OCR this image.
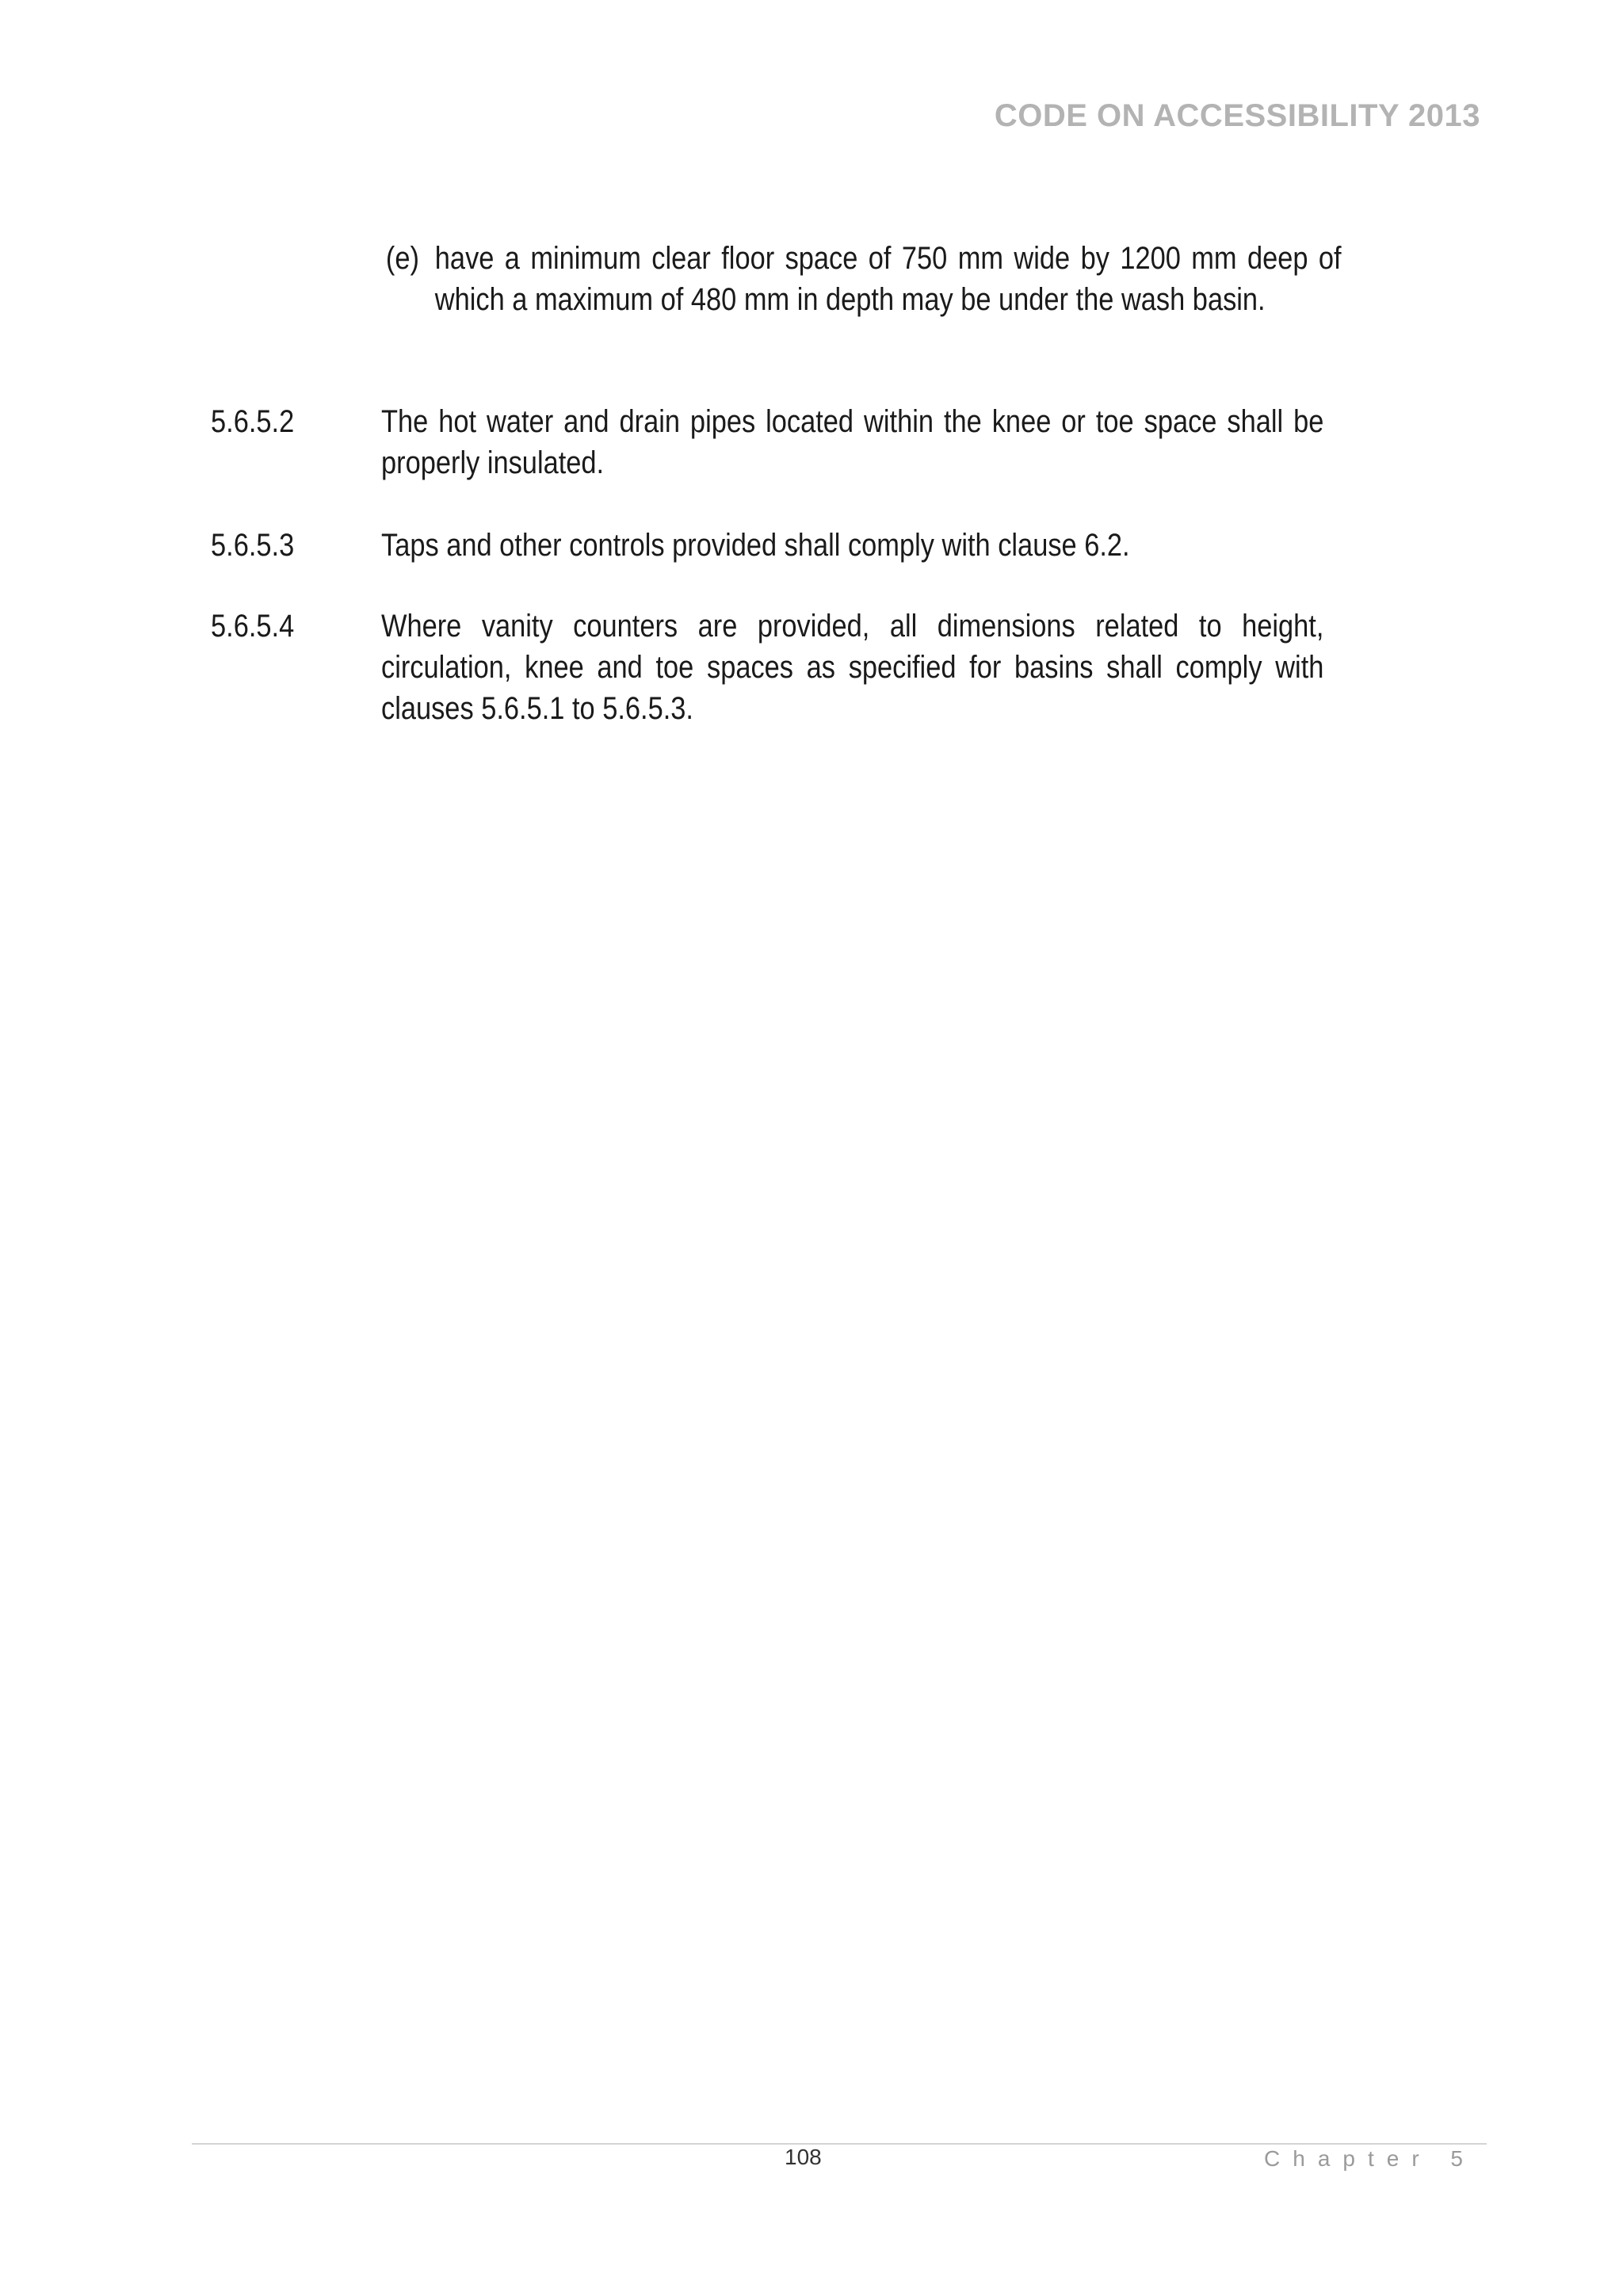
CODE ON ACCESSIBILITY 2013
(e) have a minimum clear floor space of 750 mm wide by 1200 mm deep of which a maximum of 480 mm in depth may be under the wash basin.
5.6.5.2	The hot water and drain pipes located within the knee or toe space shall be properly insulated.
5.6.5.3	Taps and other controls provided shall comply with clause 6.2.
5.6.5.4	Where vanity counters are provided, all dimensions related to height, circulation, knee and toe spaces as specified for basins shall comply with clauses 5.6.5.1 to 5.6.5.3.
108	Chapter 5
